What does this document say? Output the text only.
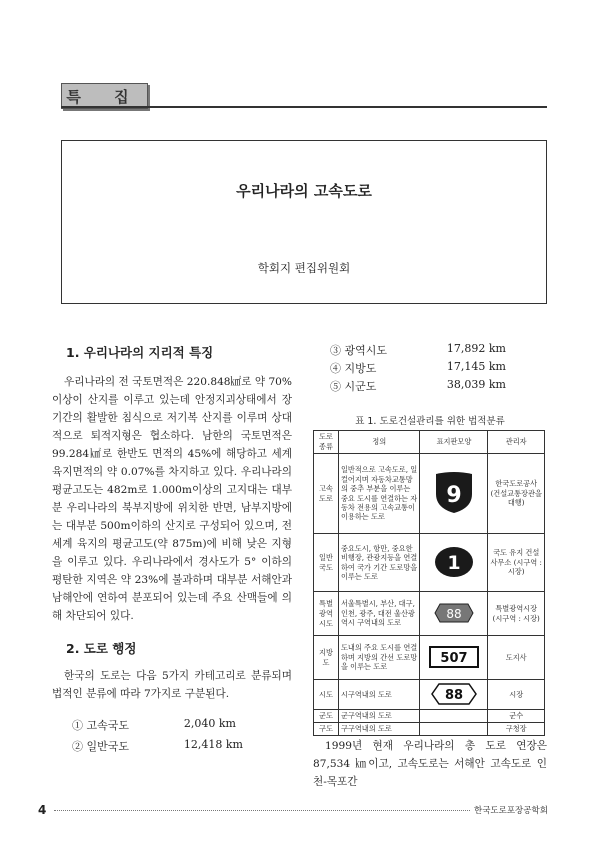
특 집
우리나라의 고속도로
학회지 편집위원회
1. 우리나라의 지리적 특징
우리나라의 전 국토면적은 220.848㎢로 약 70% 이상이 산지를 이루고 있는데 안정지괴상태에서 장기간의 활발한 침식으로 저기복 산지를 이루며 상대적으로 퇴적지형은 협소하다. 남한의 국토면적은 99.284㎢로 한반도 면적의 45%에 해당하고 세계 육지면적의 약 0.07%를 차지하고 있다. 우리나라의 평균고도는 482m로 1.000m이상의 고지대는 대부분 우리나라의 북부지방에 위치한 반면, 남부지방에는 대부분 500m이하의 산지로 구성되어 있으며, 전세계 육지의 평균고도(약 875m)에 비해 낮은 지형을 이루고 있다. 우리나라에서 경사도가 5° 이하의 평탄한 지역은 약 23%에 불과하며 대부분 서해안과 남해안에 연하여 분포되어 있는데 주요 산맥들에 의해 차단되어 있다.
2. 도로 행정
한국의 도로는 다음 5가지 카테고리로 분류되며 법적인 분류에 따라 7가지로 구분된다.
① 고속국도	2,040 km
② 일반국도	12,418 km
③ 광역시도	17,892 km
④ 지방도	17,145 km
⑤ 시군도	38,039 km
표 1. 도로건설관리를 위한 법적분류
도로종류	정의	표지판모양	관리자
고속도로	일반적으로 고속도로, 일컬어지며 자동차교통망의 중추 부분을 이루는 중요 도시를 연결하는 자동차 전용의 고속교통이 이용하는 도로	9	한국도로공사 (건설교통장관을 대행)
일반국도	중요도시, 항만, 중요한 비행장, 관광지등을 연결하여 국가 기간 도로망을 이루는 도로	1	국도 유지 건설사무소 (시구역 : 시장)
특별광역시도	서울특별시, 부산, 대구, 인천, 광주, 대전 울산광역시 구역내의 도로	88	특별광역시장 (시구역 : 시장)
지방도	도내의 주요 도시를 연결하며 지방의 간선 도로망을 이루는 도로	507	도지사
시도	시구역내의 도로	88	시장
군도	군구역내의 도로		군수
구도	구구역내의 도로		구청장
1999년 현재 우리나라의 총 도로 연장은 87,534 ㎞이고, 고속도로는 서해안 고속도로 인천-목포간
4	한국도로포장공학회
